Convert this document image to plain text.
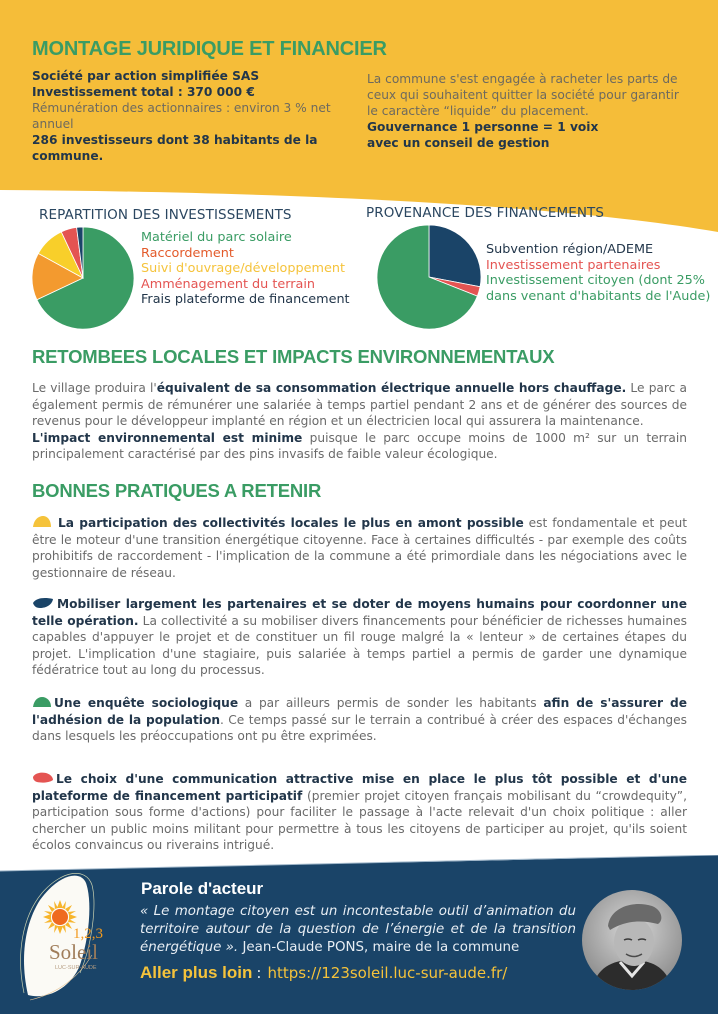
MONTAGE JURIDIQUE ET FINANCIER
Société par action simplifiée SAS
Investissement total : 370 000 €
Rémunération des actionnaires : environ 3 % net annuel
286 investisseurs dont 38 habitants de la commune.
La commune s'est engagée à racheter les parts de ceux qui souhaitent quitter la société pour garantir le caractère “liquide” du placement.
Gouvernance 1 personne = 1 voix
avec un conseil de gestion
REPARTITION DES INVESTISSEMENTS
Matériel du parc solaire
Raccordement
Suivi d'ouvrage/développement
Amménagement du terrain
Frais plateforme de financement
PROVENANCE DES FINANCEMENTS
Subvention région/ADEME
Investissement partenaires
Investissement citoyen (dont 25%
dans venant d'habitants de l'Aude)
RETOMBEES LOCALES ET IMPACTS ENVIRONNEMENTAUX

Le village produira l'équivalent de sa consommation électrique annuelle hors chauffage. Le parc a également permis de rémunérer une salariée à temps partiel pendant 2 ans et de générer des sources de revenus pour le développeur implanté en région et un électricien local qui assurera la maintenance.
L'impact environnemental est minime puisque le parc occupe moins de 1000 m² sur un terrain principalement caractérisé par des pins invasifs de faible valeur écologique.

BONNES PRATIQUES A RETENIR

La participation des collectivités locales le plus en amont possible est fondamentale et peut être le moteur d'une transition énergétique citoyenne. Face à certaines difficultés - par exemple des coûts prohibitifs de raccordement - l'implication de la commune a été primordiale dans les négociations avec le gestionnaire de réseau.

Mobiliser largement les partenaires et se doter de moyens humains pour coordonner une telle opération. La collectivité a su mobiliser divers financements pour bénéficier de richesses humaines capables d'appuyer le projet et de constituer un fil rouge malgré la « lenteur » de certaines étapes du projet. L'implication d'une stagiaire, puis salariée à temps partiel a permis de garder une dynamique fédératrice tout au long du processus.

Une enquête sociologique a par ailleurs permis de sonder les habitants afin de s'assurer de l'adhésion de la population. Ce temps passé sur le terrain a contribué à créer des espaces d'échanges dans lesquels les préoccupations ont pu être exprimées.

Le choix d'une communication attractive mise en place le plus tôt possible et d'une plateforme de financement participatif (premier projet citoyen français mobilisant du “crowdequity”, participation sous forme d'actions) pour faciliter le passage à l'acte relevait d'un choix politique : aller chercher un public moins militant pour permettre à tous les citoyens de participer au projet, qu'ils soient écolos convaincus ou riverains intrigué.

1,2,3
Soleil
LUC-SUR-AUDE
Parole d'acteur

« Le montage citoyen est un incontestable outil d’animation du territoire autour de la question de l’énergie et de la transition énergétique ». Jean-Claude PONS, maire de la commune

Aller plus loin : https://123soleil.luc-sur-aude.fr/
